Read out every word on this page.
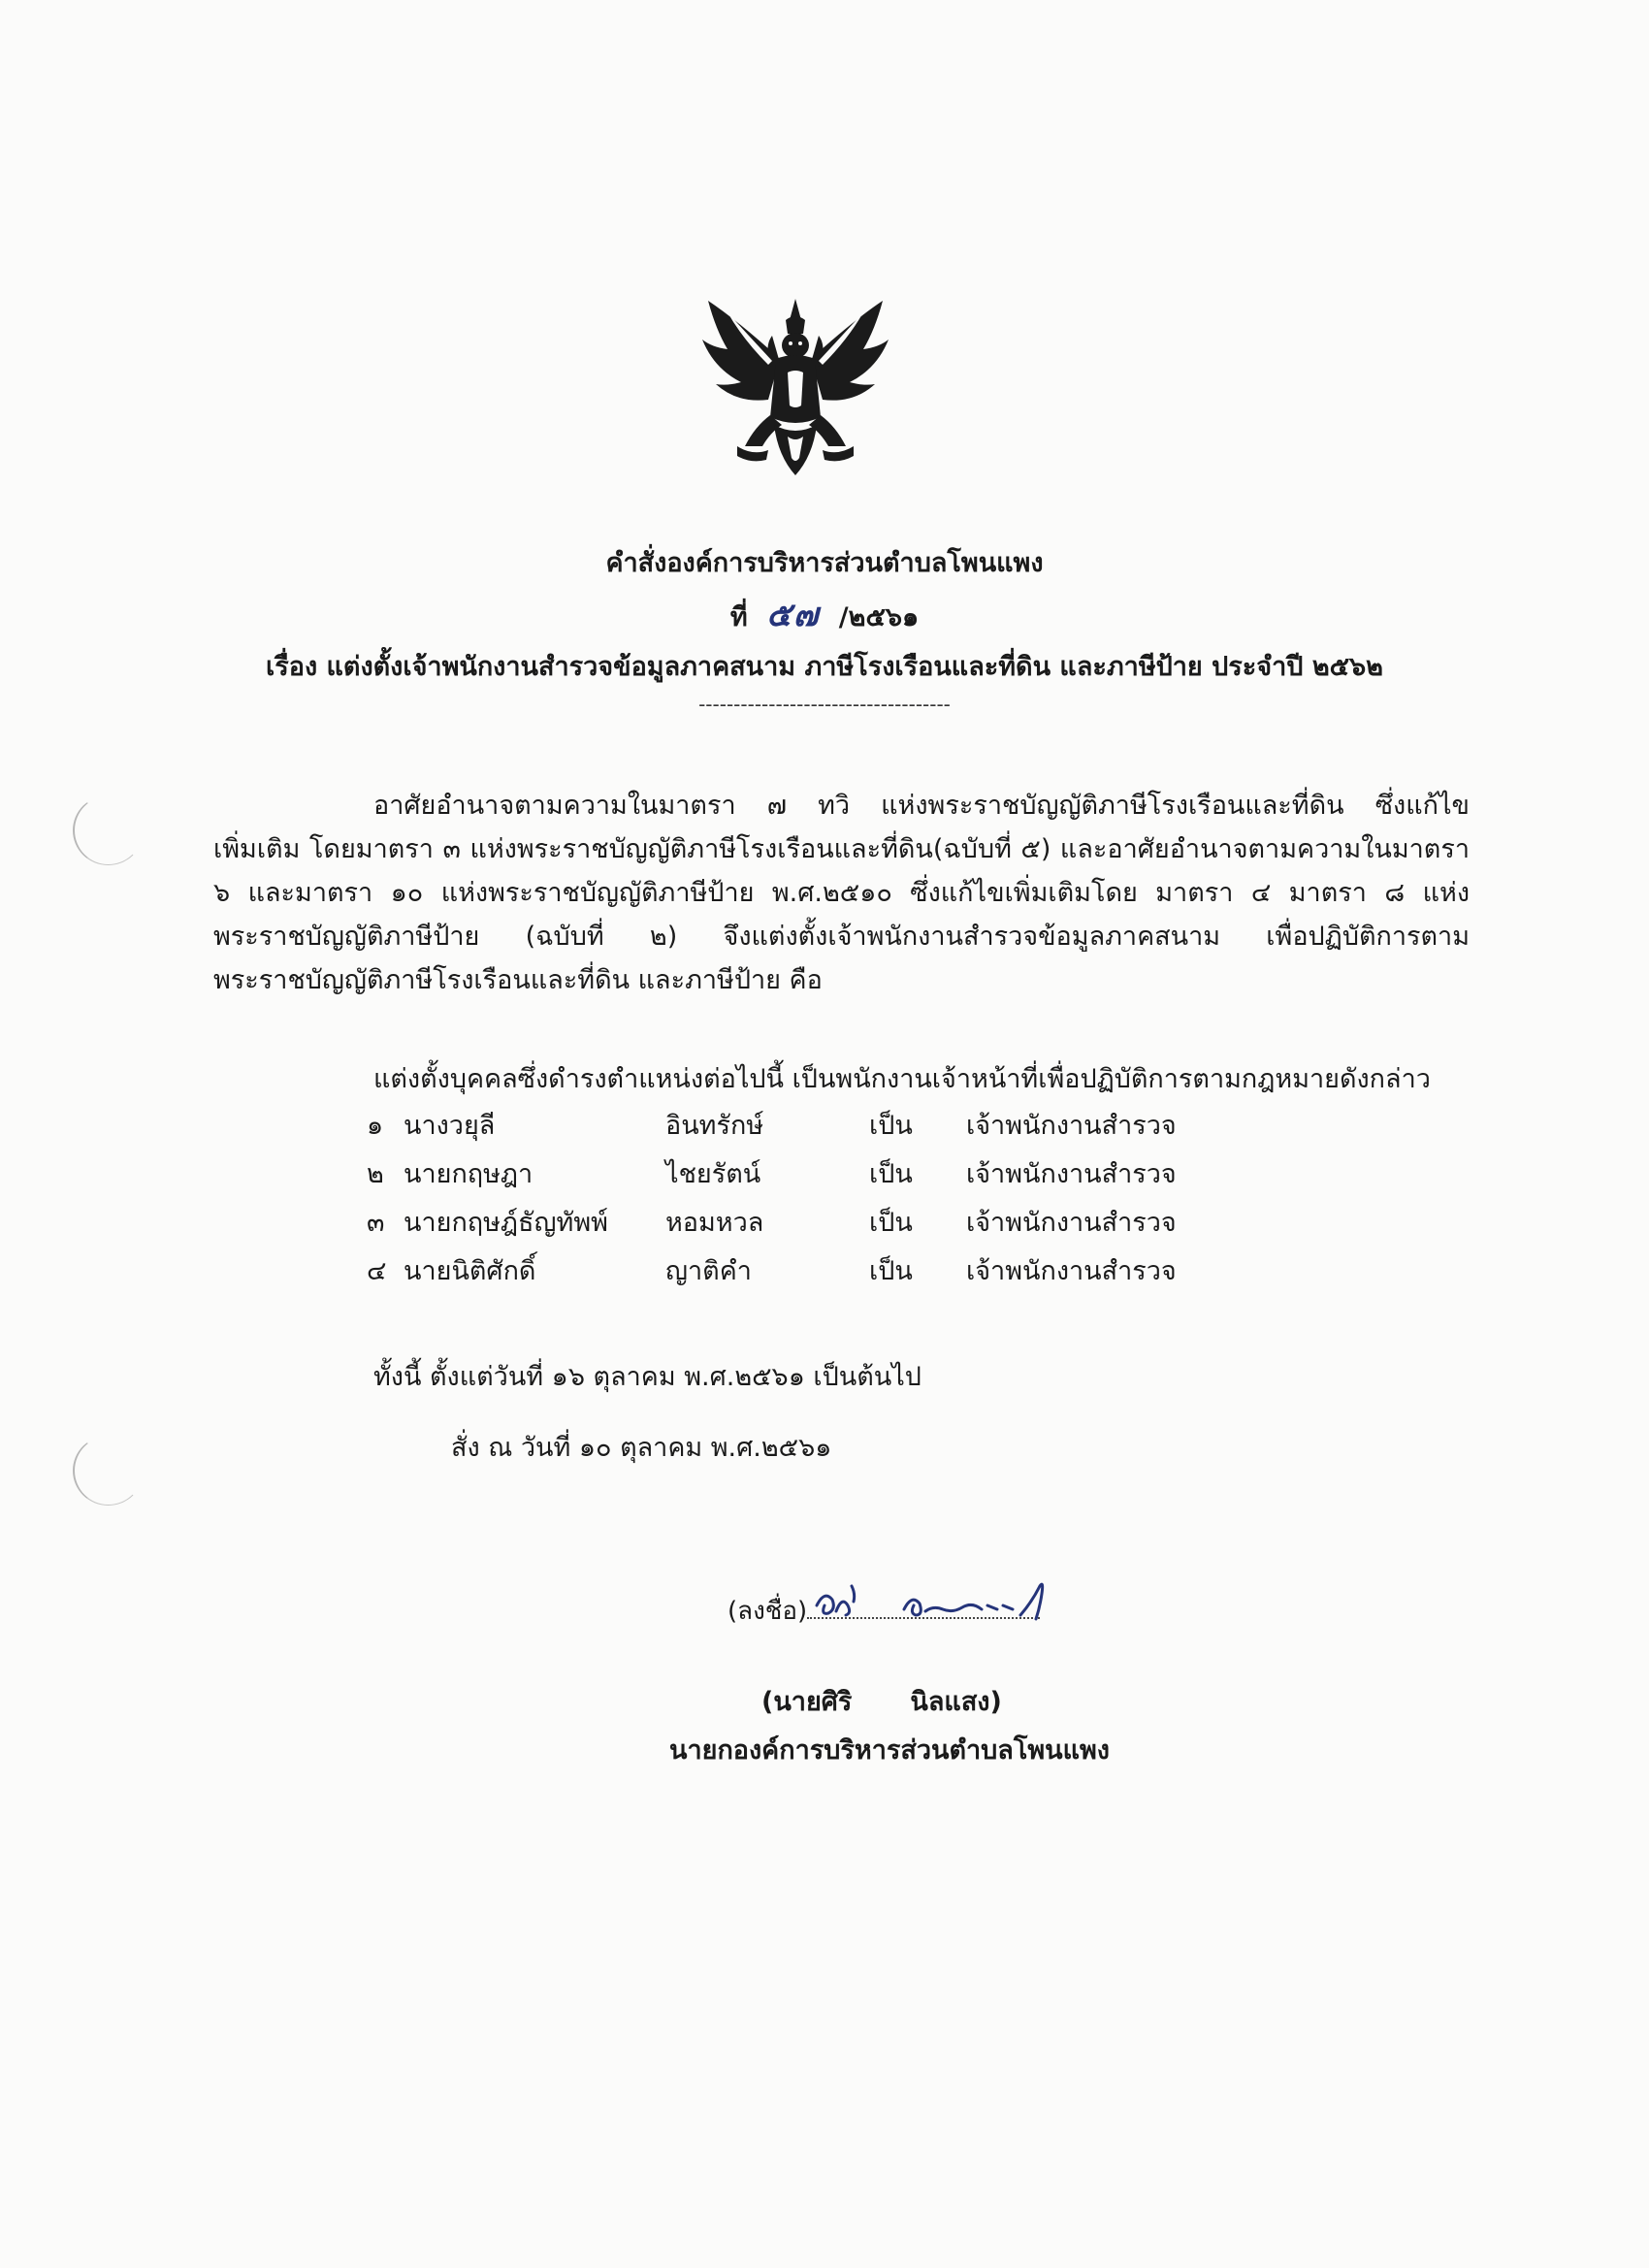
คำสั่งองค์การบริหารส่วนตำบลโพนแพง
ที่ ๕๗ /๒๕๖๑
เรื่อง แต่งตั้งเจ้าพนักงานสำรวจข้อมูลภาคสนาม ภาษีโรงเรือนและที่ดิน และภาษีป้าย ประจำปี ๒๕๖๒
------------------------------------
อาศัยอำนาจตามความในมาตรา ๗ ทวิ แห่งพระราชบัญญัติภาษีโรงเรือนและที่ดิน ซึ่งแก้ไข
เพิ่มเติม โดยมาตรา ๓ แห่งพระราชบัญญัติภาษีโรงเรือนและที่ดิน(ฉบับที่ ๕) และอาศัยอำนาจตามความในมาตรา
๖ และมาตรา ๑๐ แห่งพระราชบัญญัติภาษีป้าย พ.ศ.๒๕๑๐ ซึ่งแก้ไขเพิ่มเติมโดย มาตรา ๔ มาตรา ๘ แห่ง
พระราชบัญญัติภาษีป้าย (ฉบับที่ ๒) จึงแต่งตั้งเจ้าพนักงานสำรวจข้อมูลภาคสนาม เพื่อปฏิบัติการตาม
พระราชบัญญัติภาษีโรงเรือนและที่ดิน และภาษีป้าย คือ
แต่งตั้งบุคคลซึ่งดำรงตำแหน่งต่อไปนี้ เป็นพนักงานเจ้าหน้าที่เพื่อปฏิบัติการตามกฎหมายดังกล่าว
๑	นางวยุลี	อินทรักษ์	เป็น	เจ้าพนักงานสำรวจ
๒	นายกฤษฎา	ไชยรัตน์	เป็น	เจ้าพนักงานสำรวจ
๓	นายกฤษฎ์ธัญทัพพ์	หอมหวล	เป็น	เจ้าพนักงานสำรวจ
๔	นายนิติศักดิ์	ญาติคำ	เป็น	เจ้าพนักงานสำรวจ
ทั้งนี้ ตั้งแต่วันที่ ๑๖ ตุลาคม พ.ศ.๒๕๖๑ เป็นต้นไป
สั่ง ณ วันที่ ๑๐ ตุลาคม พ.ศ.๒๕๖๑
(ลงชื่อ)
(นายศิริ นิลแสง)
นายกองค์การบริหารส่วนตำบลโพนแพง
